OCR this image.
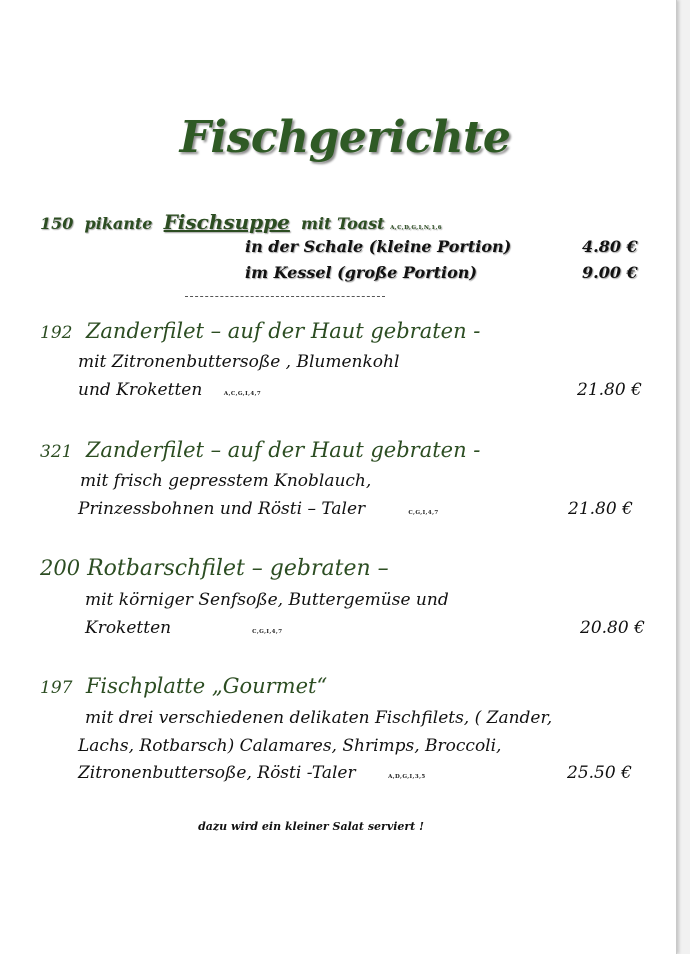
Fischgerichte
150 pikante Fischsuppe mit Toast A,C,D,G,I,N,1,6
in der Schale (kleine Portion)	4.80 €
im Kessel (große Portion)	9.00 €
192 Zanderfilet – auf der Haut gebraten -
mit Zitronenbuttersoße , Blumenkohl
und Kroketten	A,C,G,I,4,7	21.80 €
321 Zanderfilet – auf der Haut gebraten -
mit frisch gepresstem Knoblauch,
Prinzessbohnen und Rösti – Taler	C,G,I,4,7	21.80 €
200 Rotbarschfilet – gebraten –
mit körniger Senfsoße, Buttergemüse und
Kroketten	C,G,I,4,7	20.80 €
197 Fischplatte „Gourmet“
mit drei verschiedenen delikaten Fischfilets, ( Zander,
Lachs, Rotbarsch) Calamares, Shrimps, Broccoli,
Zitronenbuttersoße, Rösti -Taler	A,D,G,I,3,5	25.50 €
dazu wird ein kleiner Salat serviert !
